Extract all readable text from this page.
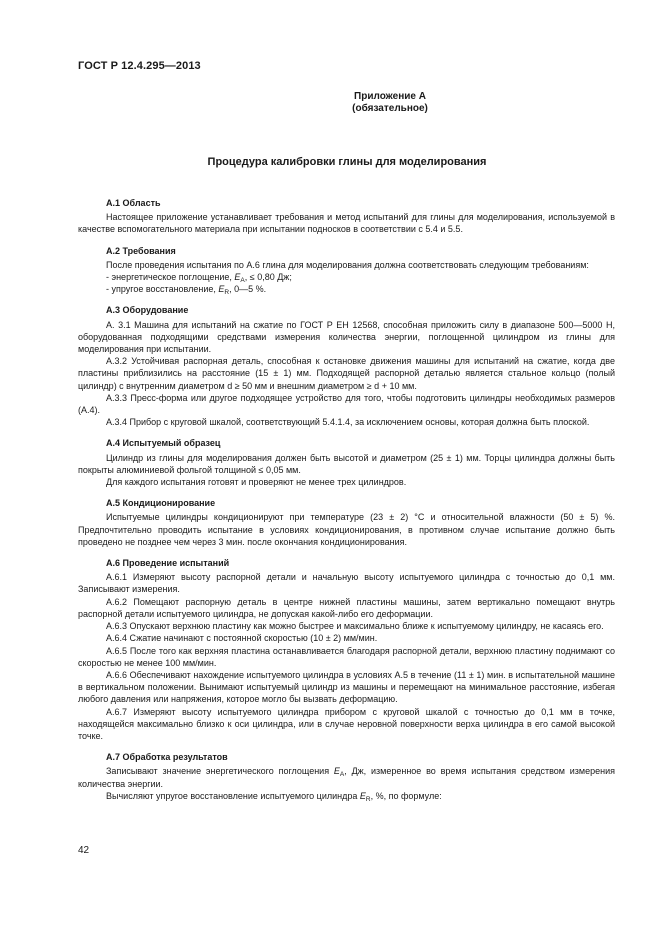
ГОСТ Р 12.4.295—2013
Приложение А
(обязательное)
Процедура калибровки глины для моделирования
А.1 Область

Настоящее приложение устанавливает требования и метод испытаний для глины для моделирования, используемой в качестве вспомогательного материала при испытании подносков в соответствии с 5.4 и 5.5.

А.2 Требования

После проведения испытания по А.6 глина для моделирования должна соответствовать следующим требованиям:

- энергетическое поглощение, $E_A$, ≤ 0,80 Дж;

- упругое восстановление, $E_R$, 0—5 %.

А.3 Оборудование

А. 3.1 Машина для испытаний на сжатие по ГОСТ Р ЕН 12568, способная приложить силу в диапазоне 500—5000 Н, оборудованная подходящими средствами измерения количества энергии, поглощенной цилиндром из глины для моделирования при испытании.

А.3.2 Устойчивая распорная деталь, способная к остановке движения машины для испытаний на сжатие, когда две пластины приблизились на расстояние (15 ± 1) мм. Подходящей распорной деталью является стальное кольцо (полый цилиндр) с внутренним диаметром d ≥ 50 мм и внешним диаметром ≥ d + 10 мм.

А.3.3 Пресс-форма или другое подходящее устройство для того, чтобы подготовить цилиндры необходимых размеров (А.4).

А.3.4 Прибор с круговой шкалой, соответствующий 5.4.1.4, за исключением основы, которая должна быть плоской.

А.4 Испытуемый образец

Цилиндр из глины для моделирования должен быть высотой и диаметром (25 ± 1) мм. Торцы цилиндра должны быть покрыты алюминиевой фольгой толщиной ≤ 0,05 мм.

Для каждого испытания готовят и проверяют не менее трех цилиндров.

А.5 Кондиционирование

Испытуемые цилиндры кондиционируют при температуре (23 ± 2) °С и относительной влажности (50 ± 5) %. Предпочтительно проводить испытание в условиях кондиционирования, в противном случае испытание должно быть проведено не позднее чем через 3 мин. после окончания кондиционирования.

А.6 Проведение испытаний

А.6.1 Измеряют высоту распорной детали и начальную высоту испытуемого цилиндра с точностью до 0,1 мм. Записывают измерения.

А.6.2 Помещают распорную деталь в центре нижней пластины машины, затем вертикально помещают внутрь распорной детали испытуемого цилиндра, не допуская какой-либо его деформации.

А.6.3 Опускают верхнюю пластину как можно быстрее и максимально ближе к испытуемому цилиндру, не касаясь его.

А.6.4 Сжатие начинают с постоянной скоростью (10 ± 2) мм/мин.

А.6.5 После того как верхняя пластина останавливается благодаря распорной детали, верхнюю пластину поднимают со скоростью не менее 100 мм/мин.

А.6.6 Обеспечивают нахождение испытуемого цилиндра в условиях А.5 в течение (11 ± 1) мин. в испытательной машине в вертикальном положении. Вынимают испытуемый цилиндр из машины и перемещают на минимальное расстояние, избегая любого давления или напряжения, которое могло бы вызвать деформацию.

А.6.7 Измеряют высоту испытуемого цилиндра прибором с круговой шкалой с точностью до 0,1 мм в точке, находящейся максимально близко к оси цилиндра, или в случае неровной поверхности верха цилиндра в его самой высокой точке.

А.7 Обработка результатов

Записывают значение энергетического поглощения $E_A$, Дж, измеренное во время испытания средством измерения количества энергии.

Вычисляют упругое восстановление испытуемого цилиндра $E_R$, %, по формуле:

42
